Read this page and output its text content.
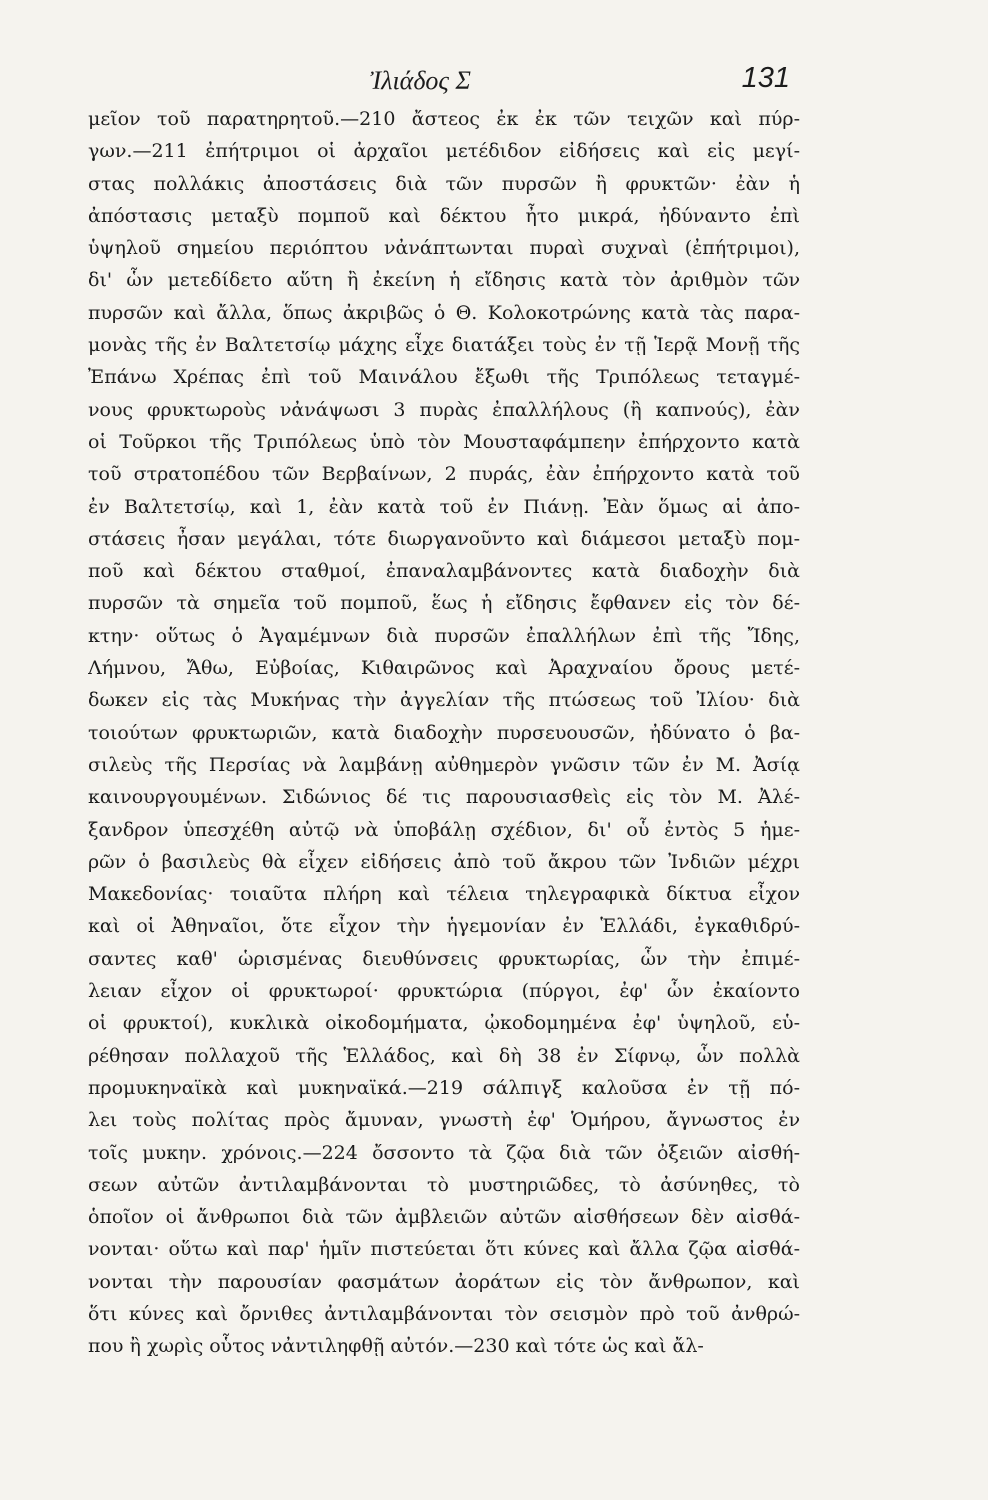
Ἰλιάδος Σ	131
μεῖον τοῦ παρατηρητοῦ.—210 ἄστεος ἐκ ἐκ τῶν τειχῶν καὶ πύρ-
γων.—211 ἐπήτριμοι οἱ ἀρχαῖοι μετέδιδον εἰδήσεις καὶ εἰς μεγί-
στας πολλάκις ἀποστάσεις διὰ τῶν πυρσῶν ἢ φρυκτῶν· ἐὰν ἡ
ἀπόστασις μεταξὺ πομποῦ καὶ δέκτου ἦτο μικρά, ἠδύναντο ἐπὶ
ὑψηλοῦ σημείου περιόπτου νἀνάπτωνται πυραὶ συχναὶ (ἐπήτριμοι),
δι' ὧν μετεδίδετο αὕτη ἢ ἐκείνη ἡ εἴδησις κατὰ τὸν ἀριθμὸν τῶν
πυρσῶν καὶ ἄλλα, ὅπως ἀκριβῶς ὁ Θ. Κολοκοτρώνης κατὰ τὰς παρα-
μονὰς τῆς ἐν Βαλτετσίῳ μάχης εἶχε διατάξει τοὺς ἐν τῇ Ἱερᾷ Μονῇ τῆς
Ἐπάνω Χρέπας ἐπὶ τοῦ Μαινάλου ἔξωθι τῆς Τριπόλεως τεταγμέ-
νους φρυκτωροὺς νἀνάψωσι 3 πυρὰς ἐπαλλήλους (ἢ καπνούς), ἐὰν
οἱ Τοῦρκοι τῆς Τριπόλεως ὑπὸ τὸν Μουσταφάμπεην ἐπήρχοντο κατὰ
τοῦ στρατοπέδου τῶν Βερβαίνων, 2 πυράς, ἐὰν ἐπήρχοντο κατὰ τοῦ
ἐν Βαλτετσίῳ, καὶ 1, ἐὰν κατὰ τοῦ ἐν Πιάνῃ. Ἐὰν ὅμως αἱ ἀπο-
στάσεις ἦσαν μεγάλαι, τότε διωργανοῦντο καὶ διάμεσοι μεταξὺ πομ-
ποῦ καὶ δέκτου σταθμοί, ἐπαναλαμβάνοντες κατὰ διαδοχὴν διὰ
πυρσῶν τὰ σημεῖα τοῦ πομποῦ, ἕως ἡ εἴδησις ἔφθανεν εἰς τὸν δέ-
κτην· οὕτως ὁ Ἀγαμέμνων διὰ πυρσῶν ἐπαλλήλων ἐπὶ τῆς Ἴδης,
Λήμνου, Ἄθω, Εὐβοίας, Κιθαιρῶνος καὶ Ἀραχναίου ὄρους μετέ-
δωκεν εἰς τὰς Μυκήνας τὴν ἀγγελίαν τῆς πτώσεως τοῦ Ἰλίου· διὰ
τοιούτων φρυκτωριῶν, κατὰ διαδοχὴν πυρσευουσῶν, ἠδύνατο ὁ βα-
σιλεὺς τῆς Περσίας νὰ λαμβάνῃ αὐθημερὸν γνῶσιν τῶν ἐν Μ. Ἀσίᾳ
καινουργουμένων. Σιδώνιος δέ τις παρουσιασθεὶς εἰς τὸν Μ. Ἀλέ-
ξανδρον ὑπεσχέθη αὐτῷ νὰ ὑποβάλῃ σχέδιον, δι' οὗ ἐντὸς 5 ἡμε-
ρῶν ὁ βασιλεὺς θὰ εἶχεν εἰδήσεις ἀπὸ τοῦ ἄκρου τῶν Ἰνδιῶν μέχρι
Μακεδονίας· τοιαῦτα πλήρη καὶ τέλεια τηλεγραφικὰ δίκτυα εἶχον
καὶ οἱ Ἀθηναῖοι, ὅτε εἶχον τὴν ἡγεμονίαν ἐν Ἑλλάδι, ἐγκαθιδρύ-
σαντες καθ' ὡρισμένας διευθύνσεις φρυκτωρίας, ὧν τὴν ἐπιμέ-
λειαν εἶχον οἱ φρυκτωροί· φρυκτώρια (πύργοι, ἐφ' ὧν ἐκαίοντο
οἱ φρυκτοί), κυκλικὰ οἰκοδομήματα, ᾠκοδομημένα ἐφ' ὑψηλοῦ, εὑ-
ρέθησαν πολλαχοῦ τῆς Ἑλλάδος, καὶ δὴ 38 ἐν Σίφνῳ, ὧν πολλὰ
προμυκηναϊκὰ καὶ μυκηναϊκά.—219 σάλπιγξ καλοῦσα ἐν τῇ πό-
λει τοὺς πολίτας πρὸς ἄμυναν, γνωστὴ ἐφ' Ὁμήρου, ἄγνωστος ἐν
τοῖς μυκην. χρόνοις.—224 ὄσσοντο τὰ ζῷα διὰ τῶν ὀξειῶν αἰσθή-
σεων αὐτῶν ἀντιλαμβάνονται τὸ μυστηριῶδες, τὸ ἀσύνηθες, τὸ
ὁποῖον οἱ ἄνθρωποι διὰ τῶν ἀμβλειῶν αὐτῶν αἰσθήσεων δὲν αἰσθά-
νονται· οὕτω καὶ παρ' ἡμῖν πιστεύεται ὅτι κύνες καὶ ἄλλα ζῷα αἰσθά-
νονται τὴν παρουσίαν φασμάτων ἀοράτων εἰς τὸν ἄνθρωπον, καὶ
ὅτι κύνες καὶ ὄρνιθες ἀντιλαμβάνονται τὸν σεισμὸν πρὸ τοῦ ἀνθρώ-
που ἢ χωρὶς οὗτος νἀντιληφθῇ αὐτόν.—230 καὶ τότε ὡς καὶ ἄλ-
